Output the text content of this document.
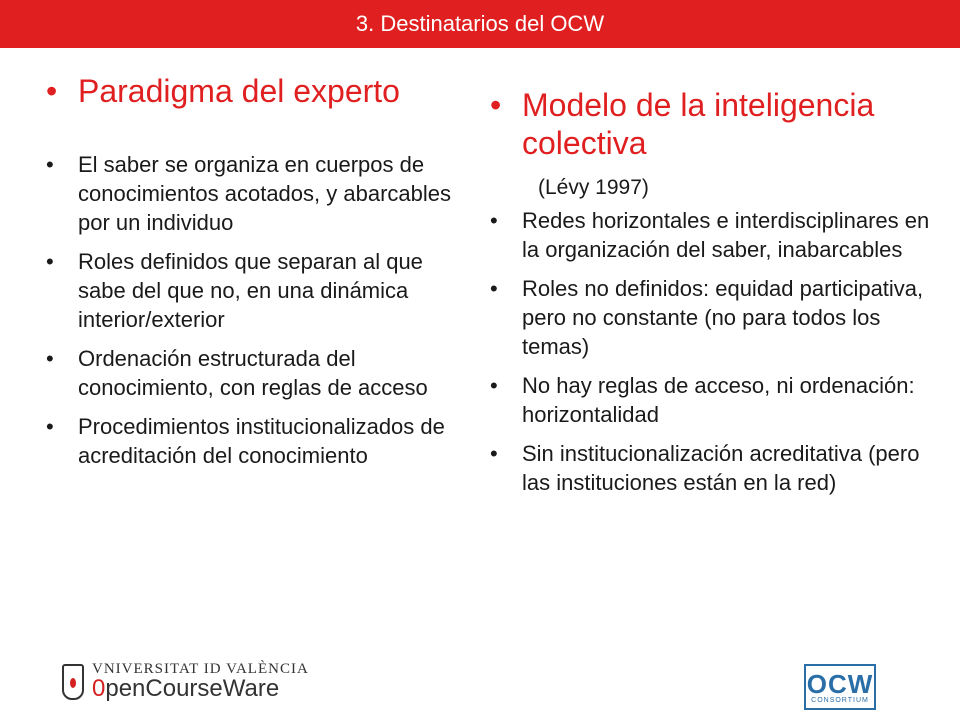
3. Destinatarios del OCW
• Paradigma del experto
•	El saber se organiza en cuerpos de conocimientos acotados, y abarcables por un individuo
•	Roles definidos que separan al que sabe del que no, en una dinámica interior/exterior
•	Ordenación estructurada del conocimiento, con reglas de acceso
•	Procedimientos institucionalizados de acreditación del conocimiento
• Modelo de la inteligencia colectiva
(Lévy 1997)
•	Redes horizontales e interdisciplinares en la organización del saber, inabarcables
•	Roles no definidos: equidad participativa, pero no constante (no para todos los temas)
•	No hay reglas de acceso, ni ordenación: horizontalidad
•	Sin institucionalización acreditativa (pero las instituciones están en la red)
VNIVERSITAT ID VALÈNCIA
0penCourseWare	OCW
CONSORTIUM
